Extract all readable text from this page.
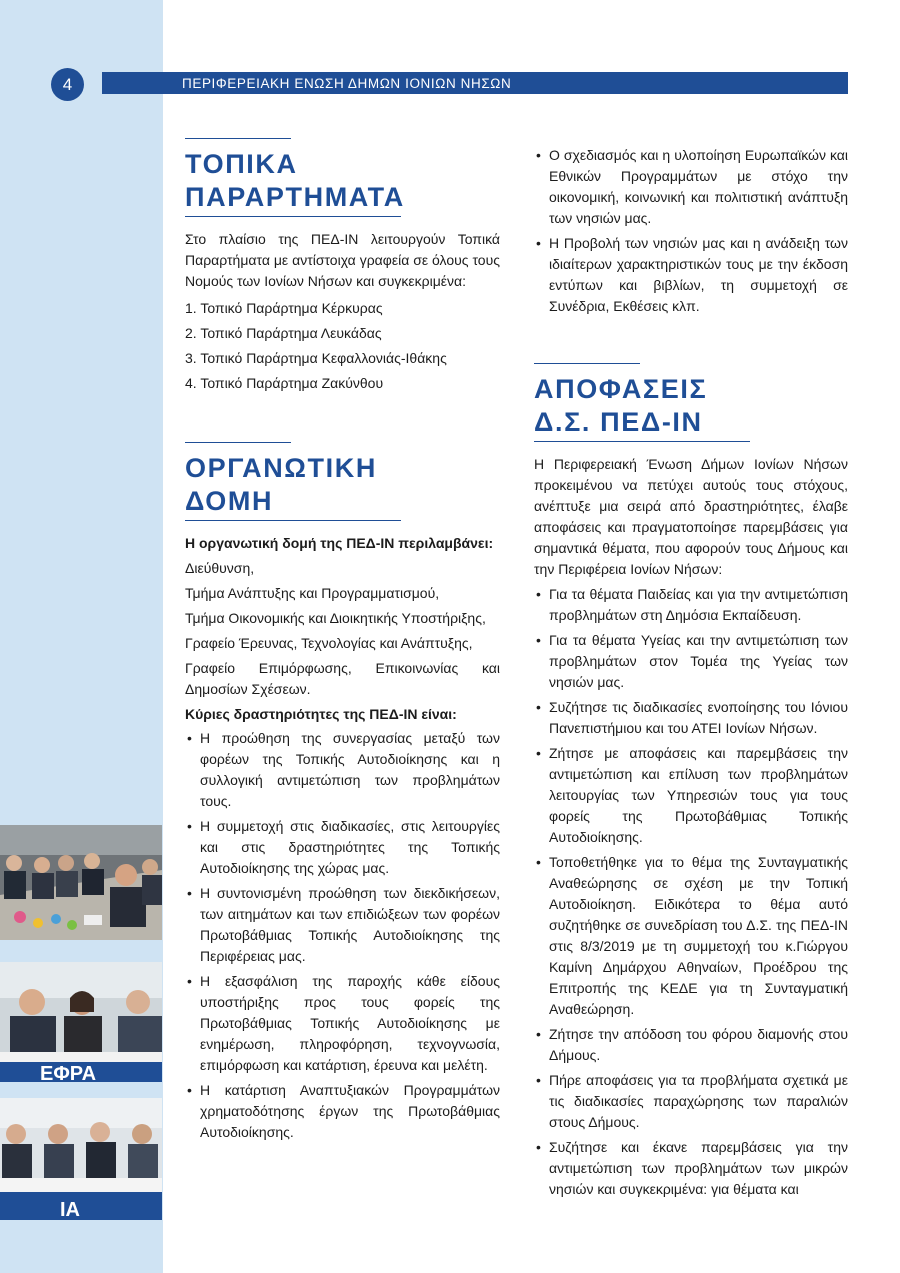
4	ΠΕΡΙΦΕΡΕΙΑΚΗ ΕΝΩΣΗ ΔΗΜΩΝ ΙΟΝΙΩΝ ΝΗΣΩΝ
ΕΦΡΑ
ΙΑ
ΤΟΠΙΚΑ
ΠΑΡΑΡΤΗΜΑΤΑ

Στο πλαίσιο της ΠΕΔ-ΙΝ λειτουργούν Τοπικά Παραρτήματα με αντίστοιχα γραφεία σε όλους τους Νομούς των Ιονίων Νήσων και συγκεκριμένα:

1. Τοπικό Παράρτημα Κέρκυρας
2. Τοπικό Παράρτημα Λευκάδας
3. Τοπικό Παράρτημα Κεφαλλονιάς-Ιθάκης
4. Τοπικό Παράρτημα Ζακύνθου
ΟΡΓΑΝΩΤΙΚΗ
ΔΟΜΗ

Η οργανωτική δομή της ΠΕΔ-ΙΝ περιλαμβάνει:

Διεύθυνση,

Τμήμα Ανάπτυξης και Προγραμματισμού,

Τμήμα Οικονομικής και Διοικητικής Υποστήριξης,

Γραφείο Έρευνας, Τεχνολογίας και Ανάπτυξης,

Γραφείο Επιμόρφωσης, Επικοινωνίας και Δημοσίων Σχέσεων.

Κύριες δραστηριότητες της ΠΕΔ-ΙΝ είναι:

• Η προώθηση της συνεργασίας μεταξύ των φορέων της Τοπικής Αυτοδιοίκησης και η συλλογική αντιμετώπιση των προβλημάτων τους.
• Η συμμετοχή στις διαδικασίες, στις λειτουργίες και στις δραστηριότητες της Τοπικής Αυτοδιοίκησης της χώρας μας.
• Η συντονισμένη προώθηση των διεκδικήσεων, των αιτημάτων και των επιδιώξεων των φορέων Πρωτοβάθμιας Τοπικής Αυτοδιοίκησης της Περιφέρειας μας.
• Η εξασφάλιση της παροχής κάθε είδους υποστήριξης προς τους φορείς της Πρωτοβάθμιας Τοπικής Αυτοδιοίκησης με ενημέρωση, πληροφόρηση, τεχνογνωσία, επιμόρφωση και κατάρτιση, έρευνα και μελέτη.
• Η κατάρτιση Αναπτυξιακών Προγραμμάτων χρηματοδότησης έργων της Πρωτοβάθμιας Αυτοδιοίκησης.
• Ο σχεδιασμός και η υλοποίηση Ευρωπαϊκών και Εθνικών Προγραμμάτων με στόχο την οικονομική, κοινωνική και πολιτιστική ανάπτυξη των νησιών μας.
• Η Προβολή των νησιών μας και η ανάδειξη των ιδιαίτερων χαρακτηριστικών τους με την έκδοση εντύπων και βιβλίων, τη συμμετοχή σε Συνέδρια, Εκθέσεις κλπ.
ΑΠΟΦΑΣΕΙΣ
Δ.Σ. ΠΕΔ-ΙΝ

Η Περιφερειακή Ένωση Δήμων Ιονίων Νήσων προκειμένου να πετύχει αυτούς τους στόχους, ανέπτυξε μια σειρά από δραστηριότητες, έλαβε αποφάσεις και πραγματοποίησε παρεμβάσεις για σημαντικά θέματα, που αφορούν τους Δήμους και την Περιφέρεια Ιονίων Νήσων:

• Για τα θέματα Παιδείας και για την αντιμετώπιση προβλημάτων στη Δημόσια Εκπαίδευση.
• Για τα θέματα Υγείας και την αντιμετώπιση των προβλημάτων στον Τομέα της Υγείας των νησιών μας.
• Συζήτησε τις διαδικασίες ενοποίησης του Ιόνιου Πανεπιστήμιου και του ΑΤΕΙ Ιονίων Νήσων.
• Ζήτησε με αποφάσεις και παρεμβάσεις την αντιμετώπιση και επίλυση των προβλημάτων λειτουργίας των Υπηρεσιών τους για τους φορείς της Πρωτοβάθμιας Τοπικής Αυτοδιοίκησης.
• Τοποθετήθηκε για το θέμα της Συνταγματικής Αναθεώρησης σε σχέση με την Τοπική Αυτοδιοίκηση. Ειδικότερα το θέμα αυτό συζητήθηκε σε συνεδρίαση του Δ.Σ. της ΠΕΔ-ΙΝ στις 8/3/2019 με τη συμμετοχή του κ.Γιώργου Καμίνη Δημάρχου Αθηναίων, Προέδρου της Επιτροπής της ΚΕΔΕ για τη Συνταγματική Αναθεώρηση.
• Ζήτησε την απόδοση του φόρου διαμονής στου Δήμους.
• Πήρε αποφάσεις για τα προβλήματα σχετικά με τις διαδικασίες παραχώρησης των παραλιών στους Δήμους.
• Συζήτησε και έκανε παρεμβάσεις για την αντιμετώπιση των προβλημάτων των μικρών νησιών και συγκεκριμένα: για θέματα και
